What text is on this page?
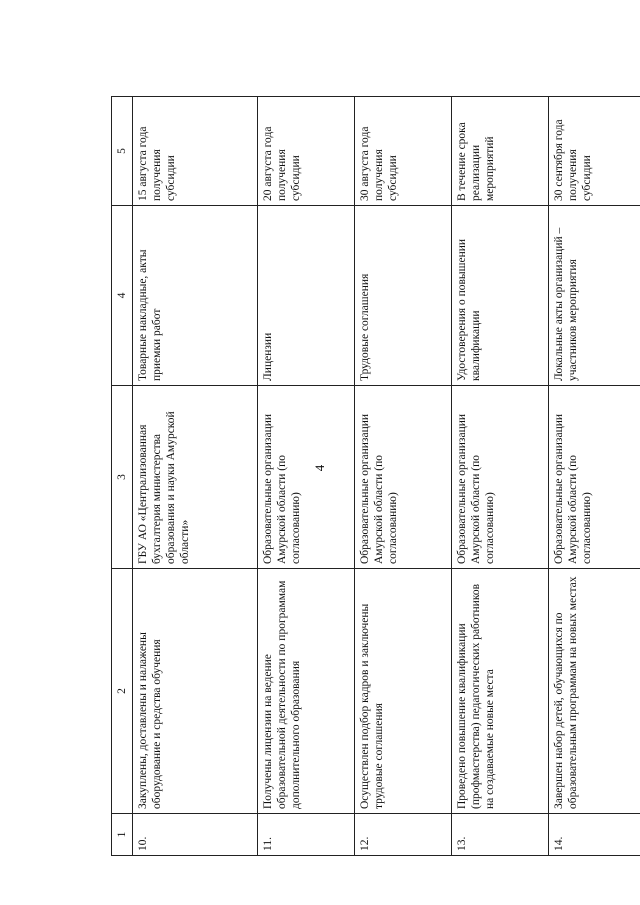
4
1	2	3	4	5
10.	Закуплены, доставлены и налажены оборудование и средства обучения	ГБУ АО «Централизованная бухгалтерия министерства образования и науки Амурской области»	Товарные накладные, акты приемки работ	15 августа года получения субсидии
11.	Получены лицензии на ведение образовательной деятельности по программам дополнительного образования	Образовательные организации Амурской области (по согласованию)	Лицензии	20 августа года получения субсидии
12.	Осуществлен подбор кадров и заключены трудовые соглашения	Образовательные организации Амурской области (по согласованию)	Трудовые соглашения	30 августа года получения субсидии
13.	Проведено повышение квалификации (профмастерства) педагогических работников на создаваемые новые места	Образовательные организации Амурской области (по согласованию)	Удостоверения о повышении квалификации	В течение срока реализации мероприятий
14.	Завершен набор детей, обучающихся по образовательным программам на новых местах	Образовательные организации Амурской области (по согласованию)	Локальные акты организаций – участников мероприятия	30 сентября года получения субсидии
